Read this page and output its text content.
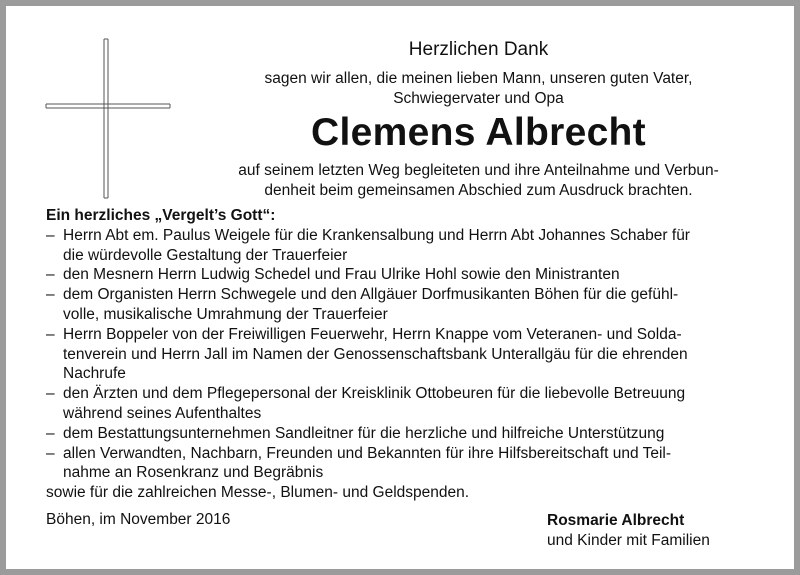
Herzlichen Dank
sagen wir allen, die meinen lieben Mann, unseren guten Vater,
Schwiegervater und Opa
Clemens Albrecht
auf seinem letzten Weg begleiteten und ihre Anteilnahme und Verbun-
denheit beim gemeinsamen Abschied zum Ausdruck brachten.
Ein herzliches „Vergelt’s Gott“:
– Herrn Abt em. Paulus Weigele für die Krankensalbung und Herrn Abt Johannes Schaber für
die würdevolle Gestaltung der Trauerfeier
– den Mesnern Herrn Ludwig Schedel und Frau Ulrike Hohl sowie den Ministranten
– dem Organisten Herrn Schwegele und den Allgäuer Dorfmusikanten Böhen für die gefühl-
volle, musikalische Umrahmung der Trauerfeier
– Herrn Boppeler von der Freiwilligen Feuerwehr, Herrn Knappe vom Veteranen- und Solda-
tenverein und Herrn Jall im Namen der Genossenschaftsbank Unterallgäu für die ehrenden
Nachrufe
– den Ärzten und dem Pflegepersonal der Kreisklinik Ottobeuren für die liebevolle Betreuung
während seines Aufenthaltes
– dem Bestattungsunternehmen Sandleitner für die herzliche und hilfreiche Unterstützung
– allen Verwandten, Nachbarn, Freunden und Bekannten für ihre Hilfsbereitschaft und Teil-
nahme an Rosenkranz und Begräbnis
sowie für die zahlreichen Messe-, Blumen- und Geldspenden.
Böhen, im November 2016	Rosmarie Albrecht
und Kinder mit Familien
